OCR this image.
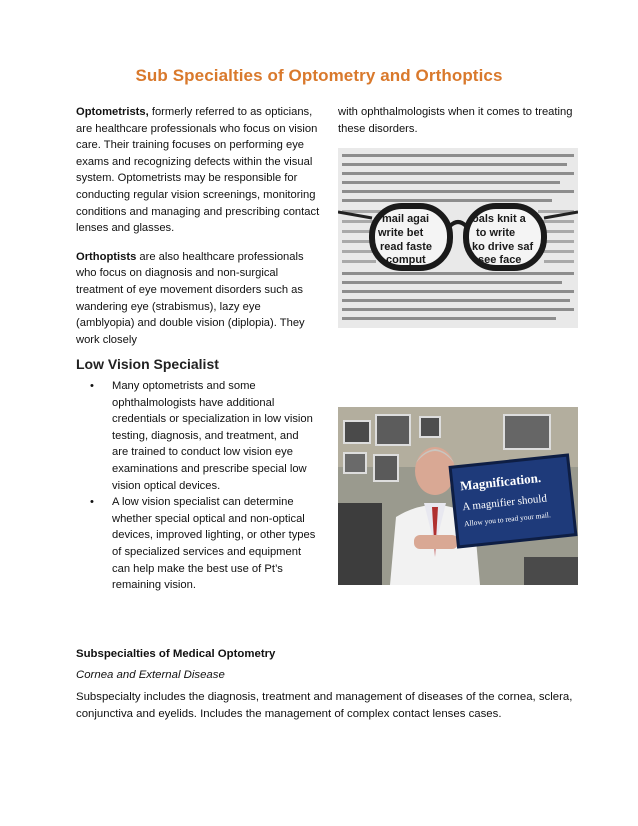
Sub Specialties of Optometry and Orthoptics

Optometrists, formerly referred to as opticians, are healthcare professionals who focus on vision care. Their training focuses on performing eye exams and recognizing defects within the visual system. Optometrists may be responsible for conducting regular vision screenings, monitoring conditions and managing and prescribing contact lenses and glasses.

Orthoptists are also healthcare professionals who focus on diagnosis and non-surgical treatment of eye movement disorders such as wandering eye (strabismus), lazy eye (amblyopia) and double vision (diplopia). They work closely

with ophthalmologists when it comes to treating these disorders.

mail agai
write bet
read faste
comput
oals knit a
to write
ko drive saf
see face
Low Vision Specialist
• Many optometrists and some ophthalmologists have additional credentials or specialization in low vision testing, diagnosis, and treatment, and are trained to conduct low vision eye examinations and prescribe special low vision optical devices.
• A low vision specialist can determine whether special optical and non-optical devices, improved lighting, or other types of specialized services and equipment can help make the best use of Pt’s remaining vision.
Magnification.
A magnifier should
Allow you to read your mail.
Subspecialties of Medical Optometry
Cornea and External Disease
Subspecialty includes the diagnosis, treatment and management of diseases of the cornea, sclera, conjunctiva and eyelids. Includes the management of complex contact lenses cases.
